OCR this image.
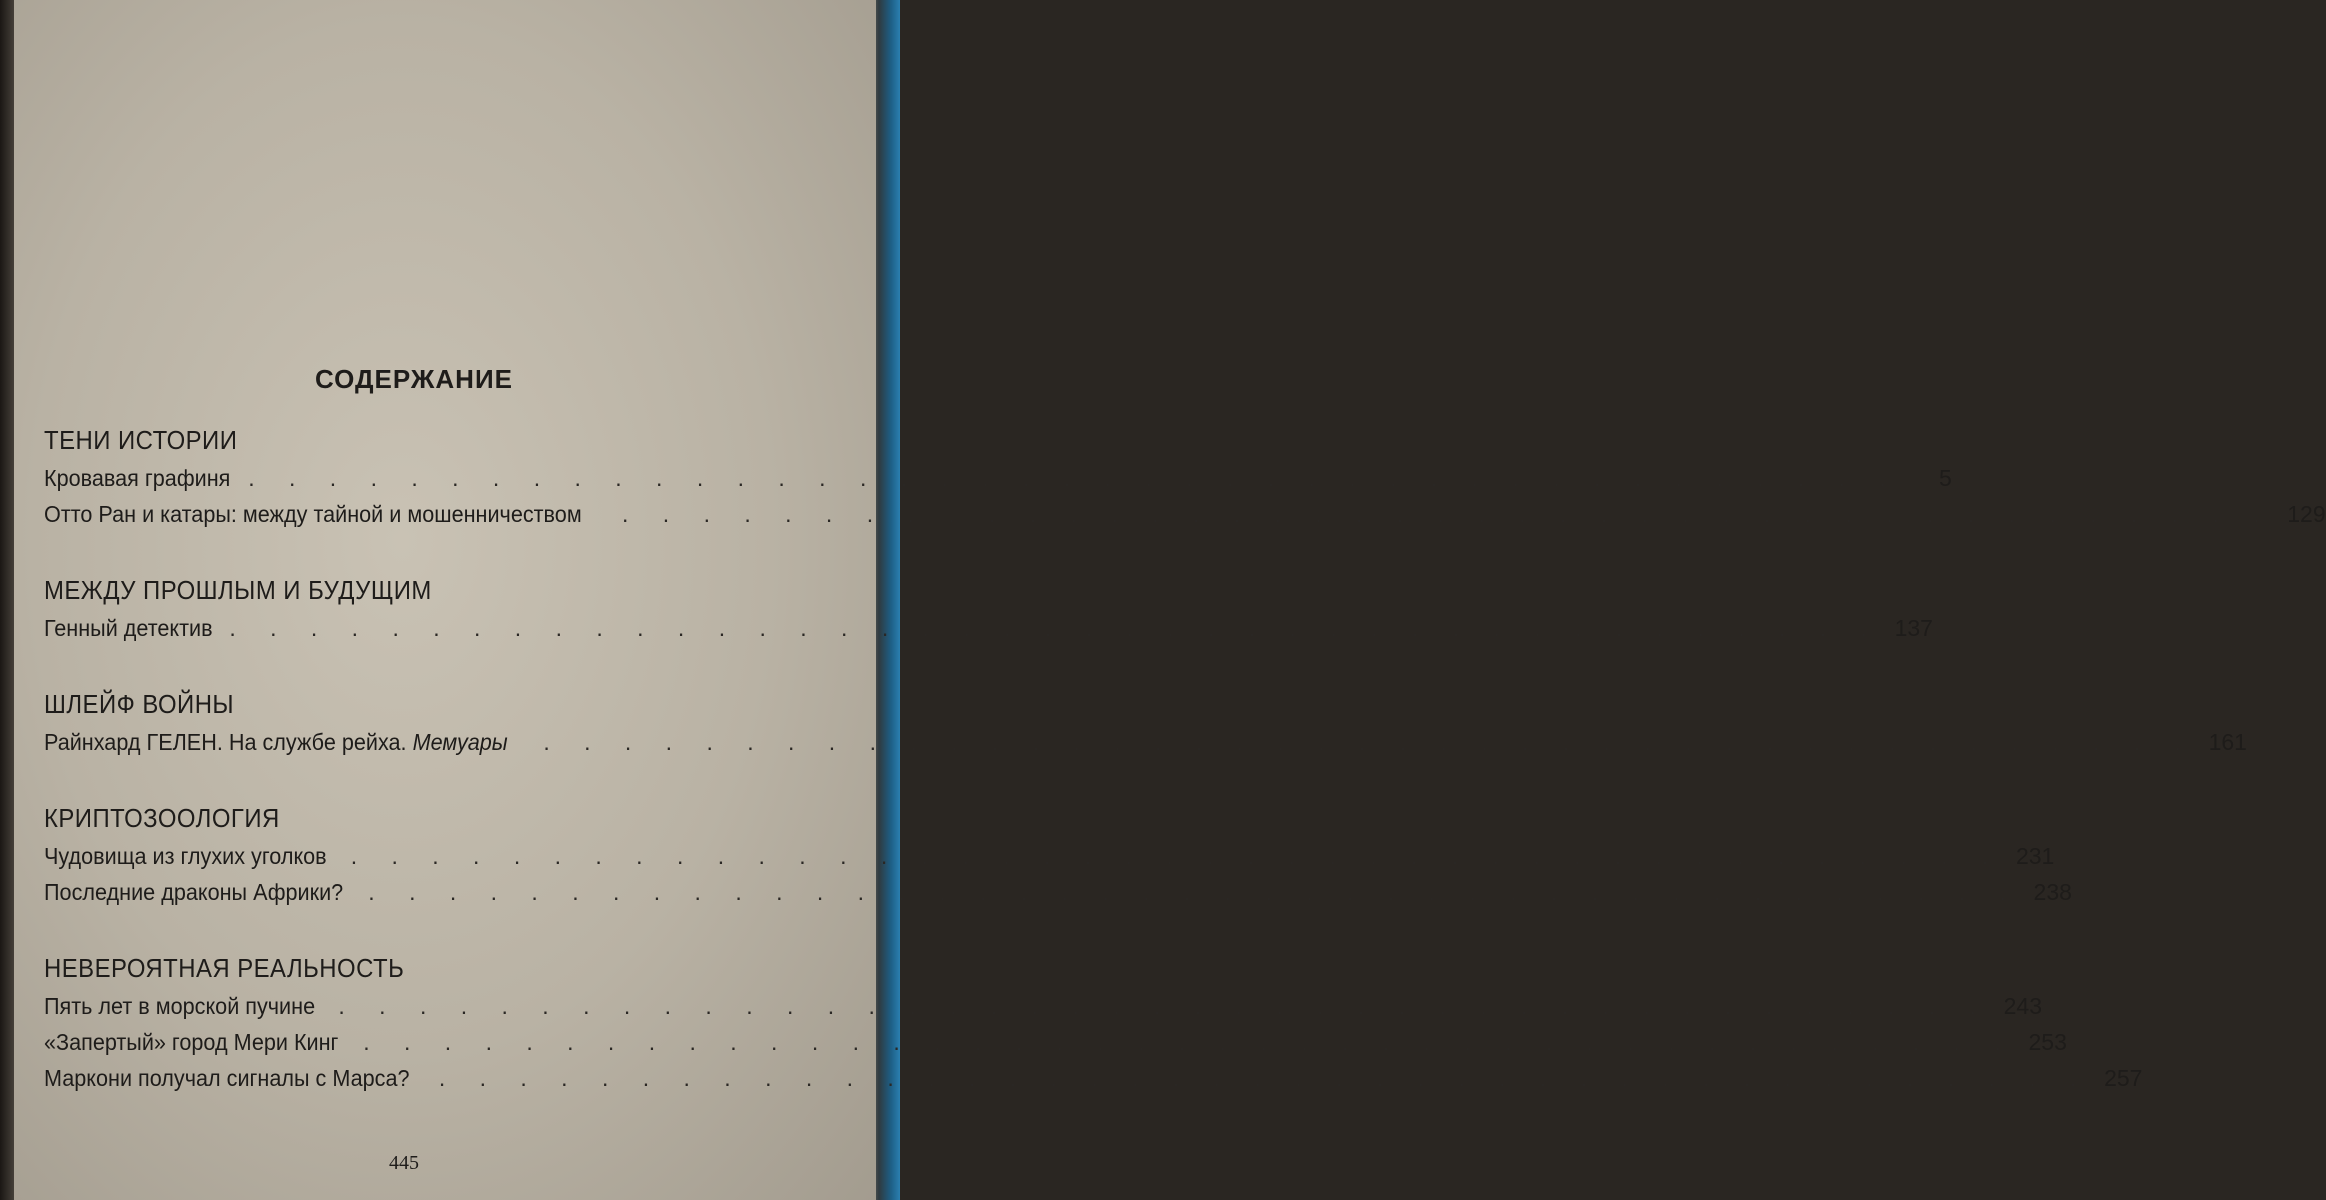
СОДЕРЖАНИЕ
ТЕНИ ИСТОРИИ
Кровавая графиня . . . . . . . . . . . . . . . . . . . . . . . . . . . . . . . . . . . . . . . . .	5
Отто Ран и катары: между тайной и мошенничеством . . . . . . . . . . . . . . . . . . . . . . . . . . . . . . . . . . . . . . . . . 129
МЕЖДУ ПРОШЛЫМ И БУДУЩИМ
Генный детектив . . . . . . . . . . . . . . . . . . . . . . . . . . . . . . . . . . . . . . . . . 137
ШЛЕЙФ ВОЙНЫ
Райнхард ГЕЛЕН. На службе рейха. Мемуары . . . . . . . . . . . . . . . . . . . . . . . . . . . . . . . . . . . . . . . . . 161
КРИПТОЗООЛОГИЯ
Чудовища из глухих уголков . . . . . . . . . . . . . . . . . . . . . . . . . . . . . . . . . . . . . . . . . 231
Последние драконы Африки? . . . . . . . . . . . . . . . . . . . . . . . . . . . . . . . . . . . . . . . . . 238
НЕВЕРОЯТНАЯ РЕАЛЬНОСТЬ
Пять лет в морской пучине . . . . . . . . . . . . . . . . . . . . . . . . . . . . . . . . . . . . . . . . . 243
«Запертый» город Мери Кинг . . . . . . . . . . . . . . . . . . . . . . . . . . . . . . . . . . . . . . . . . 253
Маркони получал сигналы с Марса? . . . . . . . . . . . . . . . . . . . . . . . . . . . . . . . . . . . . . . . . . 257
445
